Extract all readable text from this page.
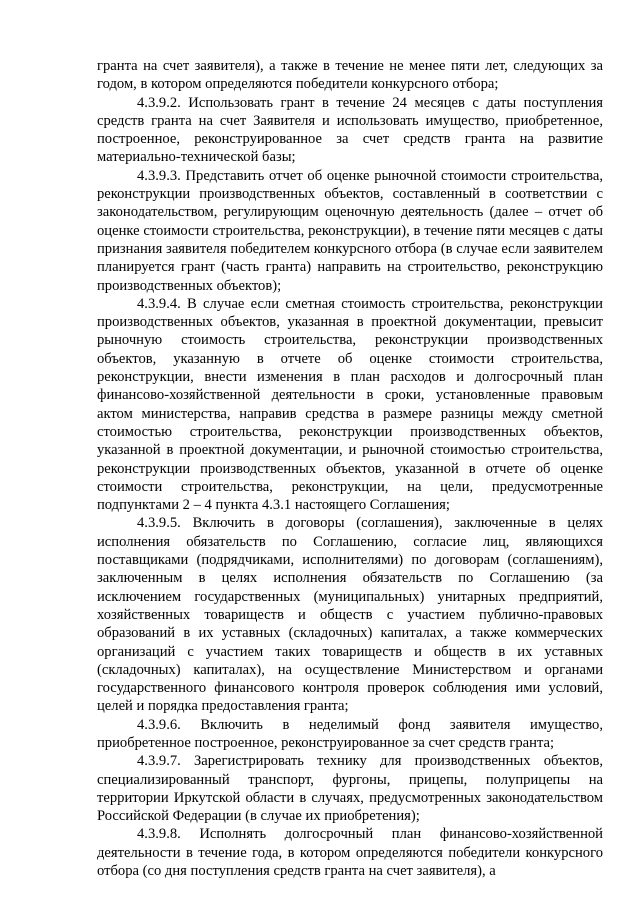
гранта на счет заявителя), а также в течение не менее пяти лет, следующих за годом, в котором определяются победители конкурсного отбора;

4.3.9.2. Использовать грант в течение 24 месяцев с даты поступления средств гранта на счет Заявителя и использовать имущество, приобретенное, построенное, реконструированное за счет средств гранта на развитие материально-технической базы;

4.3.9.3. Представить отчет об оценке рыночной стоимости строительства, реконструкции производственных объектов, составленный в соответствии с законодательством, регулирующим оценочную деятельность (далее – отчет об оценке стоимости строительства, реконструкции), в течение пяти месяцев с даты признания заявителя победителем конкурсного отбора (в случае если заявителем планируется грант (часть гранта) направить на строительство, реконструкцию производственных объектов);

4.3.9.4. В случае если сметная стоимость строительства, реконструкции производственных объектов, указанная в проектной документации, превысит рыночную стоимость строительства, реконструкции производственных объектов, указанную в отчете об оценке стоимости строительства, реконструкции, внести изменения в план расходов и долгосрочный план финансово-хозяйственной деятельности в сроки, установленные правовым актом министерства, направив средства в размере разницы между сметной стоимостью строительства, реконструкции производственных объектов, указанной в проектной документации, и рыночной стоимостью строительства, реконструкции производственных объектов, указанной в отчете об оценке стоимости строительства, реконструкции, на цели, предусмотренные подпунктами 2 – 4 пункта 4.3.1 настоящего Соглашения;

4.3.9.5. Включить в договоры (соглашения), заключенные в целях исполнения обязательств по Соглашению, согласие лиц, являющихся поставщиками (подрядчиками, исполнителями) по договорам (соглашениям), заключенным в целях исполнения обязательств по Соглашению (за исключением государственных (муниципальных) унитарных предприятий, хозяйственных товариществ и обществ с участием публично-правовых образований в их уставных (складочных) капиталах, а также коммерческих организаций с участием таких товариществ и обществ в их уставных (складочных) капиталах), на осуществление Министерством и органами государственного финансового контроля проверок соблюдения ими условий, целей и порядка предоставления гранта;

4.3.9.6. Включить в неделимый фонд заявителя имущество, приобретенное построенное, реконструированное за счет средств гранта;

4.3.9.7. Зарегистрировать технику для производственных объектов, специализированный транспорт, фургоны, прицепы, полуприцепы на территории Иркутской области в случаях, предусмотренных законодательством Российской Федерации (в случае их приобретения);

4.3.9.8. Исполнять долгосрочный план финансово-хозяйственной деятельности в течение года, в котором определяются победители конкурсного отбора (со дня поступления средств гранта на счет заявителя), а
